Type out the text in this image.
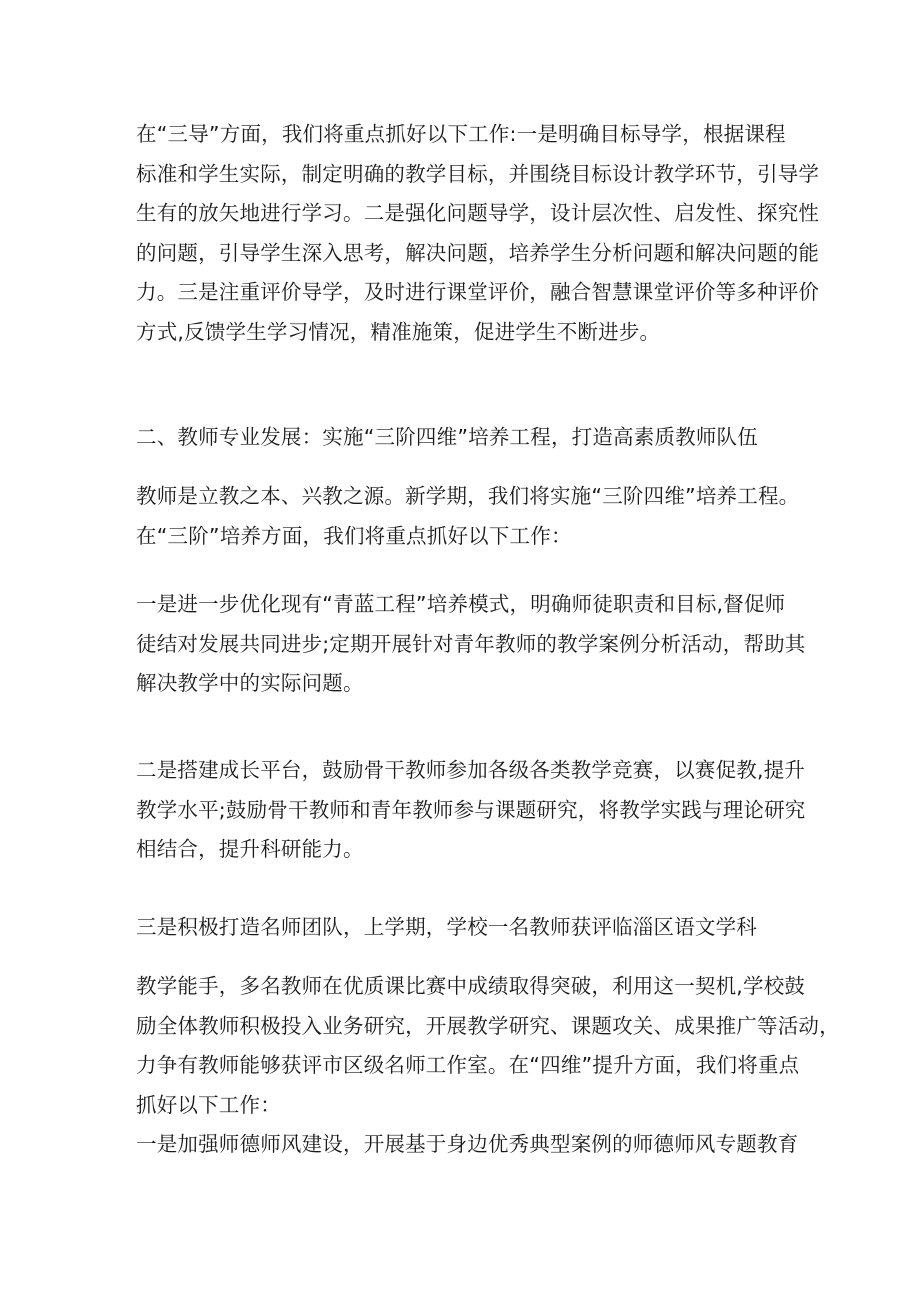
在“三导”方面，我们将重点抓好以下工作:一是明确目标导学，根据课程
标准和学生实际，制定明确的教学目标，并围绕目标设计教学环节，引导学
生有的放矢地进行学习。二是强化问题导学，设计层次性、启发性、探究性
的问题，引导学生深入思考，解决问题，培养学生分析问题和解决问题的能
力。三是注重评价导学，及时进行课堂评价，融合智慧课堂评价等多种评价
方式,反馈学生学习情况，精准施策，促进学生不断进步。

二、教师专业发展：实施“三阶四维”培养工程，打造高素质教师队伍

教师是立教之本、兴教之源。新学期，我们将实施“三阶四维”培养工程。
在“三阶”培养方面，我们将重点抓好以下工作：

一是进一步优化现有“青蓝工程”培养模式，明确师徒职责和目标,督促师
徒结对发展共同进步;定期开展针对青年教师的教学案例分析活动，帮助其
解决教学中的实际问题。

二是搭建成长平台，鼓励骨干教师参加各级各类教学竞赛，以赛促教,提升
教学水平;鼓励骨干教师和青年教师参与课题研究，将教学实践与理论研究
相结合，提升科研能力。

三是积极打造名师团队，上学期，学校一名教师获评临淄区语文学科

教学能手，多名教师在优质课比赛中成绩取得突破，利用这一契机,学校鼓
励全体教师积极投入业务研究，开展教学研究、课题攻关、成果推广等活动，
力争有教师能够获评市区级名师工作室。在“四维”提升方面，我们将重点
抓好以下工作：

一是加强师德师风建设，开展基于身边优秀典型案例的师德师风专题教育
